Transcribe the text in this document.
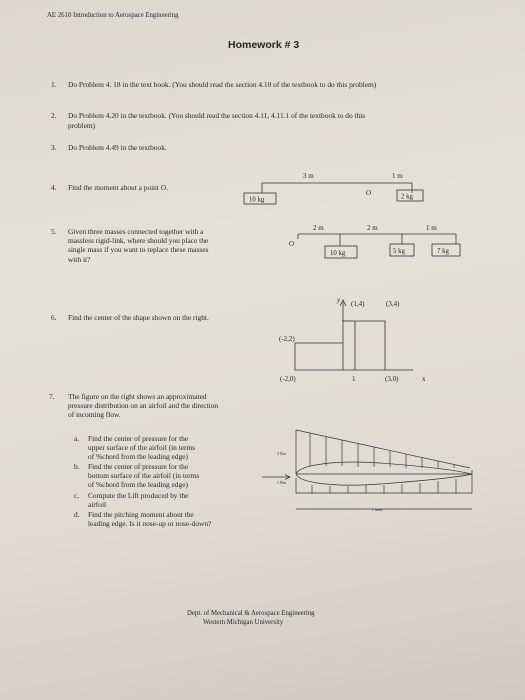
AE 2610 Introduction to Aerospace Engineering
Homework # 3
1. Do Problem 4. 18 in the text book. (You should read the section 4.10 of the textbook to do this problem)
2. Do Problem 4.20 in the textbook. (You should read the section 4.11, 4.11.1 of the textbook to do this
problem)
3. Do Problem 4.49 in the textbook.
4. Find the moment about a point O.
5. Given three masses connected together with a
massless rigid-link, where should you place the
single mass if you want to replace these masses
with it?
6. Find the center of the shape shown on the right.
7. The figure on the right shows an approximated
pressure distribution on an airfoil and the direction
of incoming flow.
a. Find the center of pressure for the
upper surface of the airfoil (in terms
of %chord from the leading edge)
b. Find the center of pressure for the
bottom surface of the airfoil (in terms
of %chord from the leading edge)
c. Compute the Lift produced by the
airfoil
d. Find the pitching moment about the
leading edge. Is it nose-up or nose-down?
3 m	1 m
10 kg	2 kg
O
2 m	2 m	1 m
10 kg	5 kg	7 kg
O
y (1,4)	(3,4)
(-2,2)
(-2,0)	1	(3,0)	x
3 N/m
1 N/m
1 meter
Dept. of Mechanical & Aerospace Engineering
Western Michigan University
